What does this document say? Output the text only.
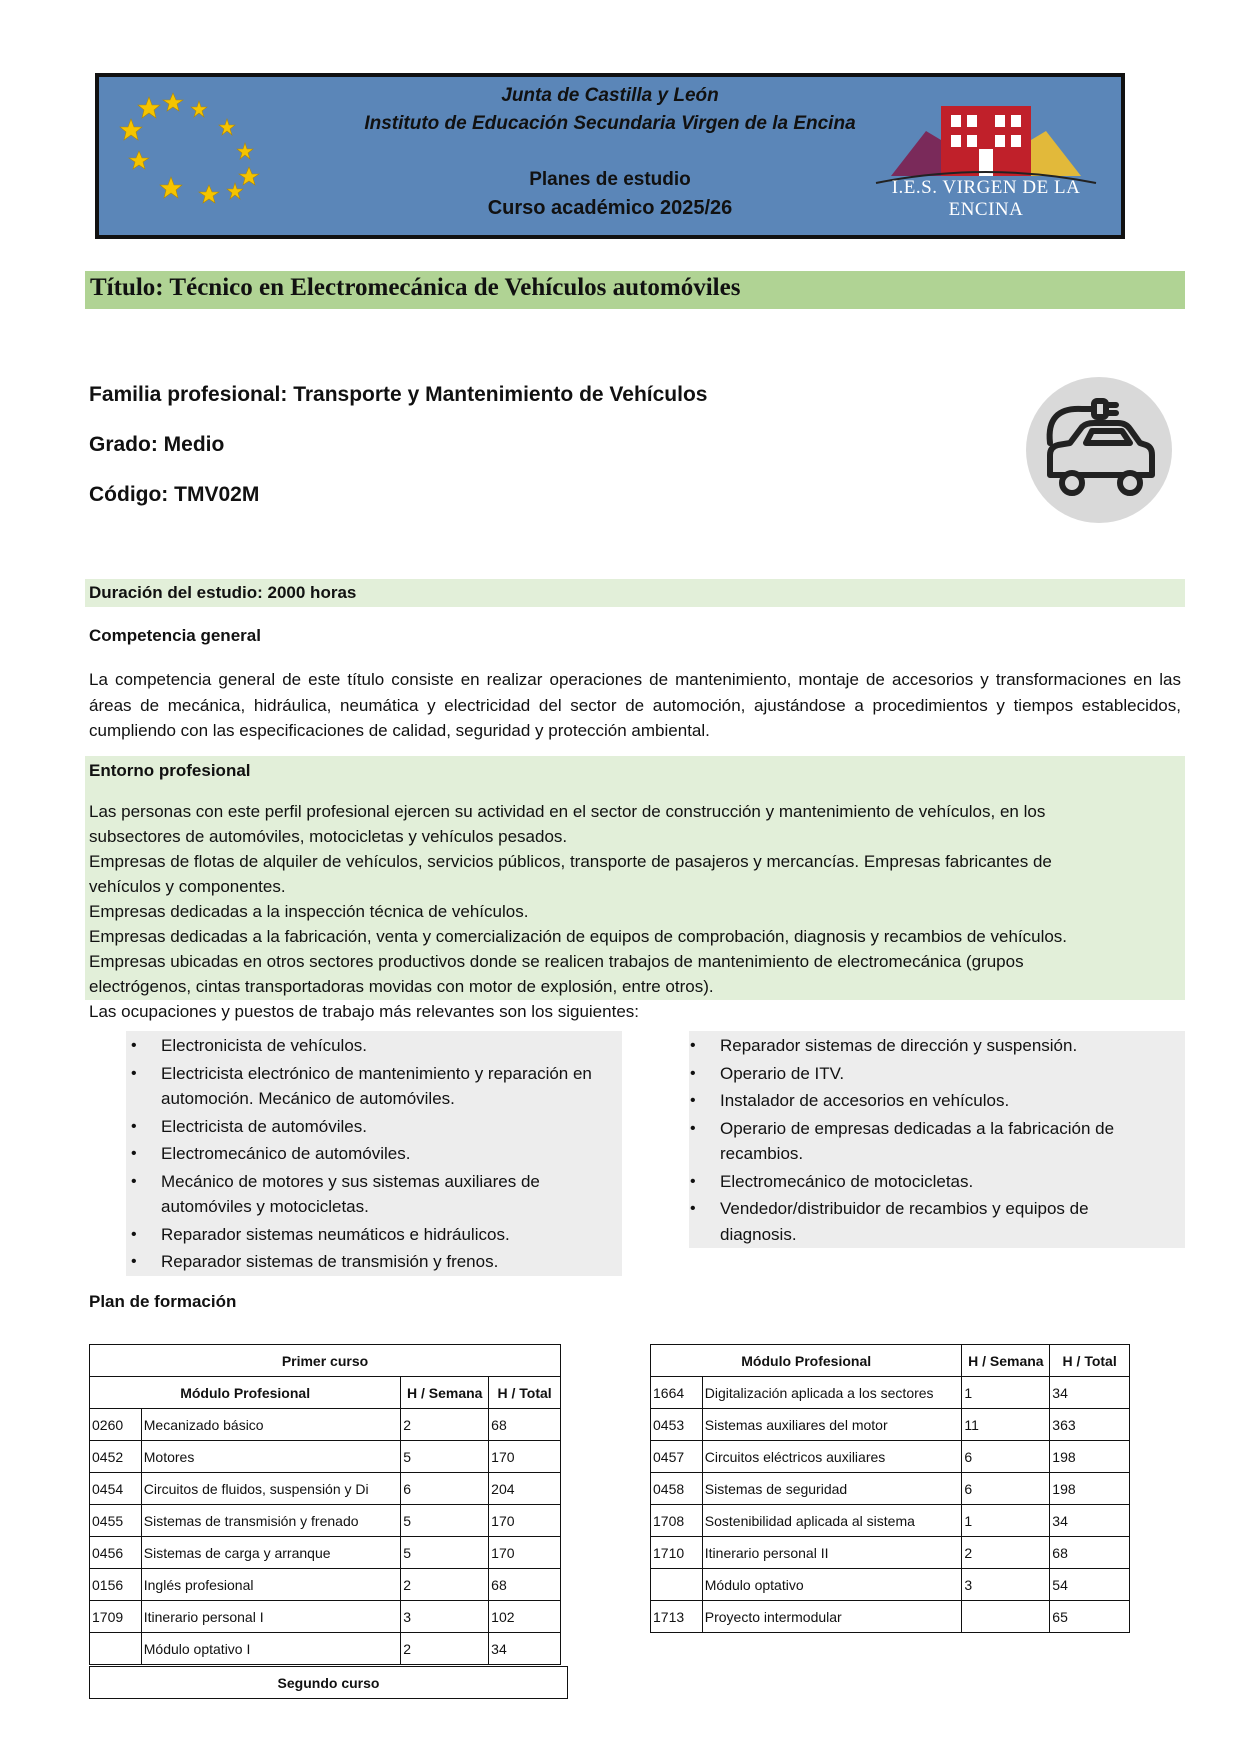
Junta de Castilla y León
Instituto de Educación Secundaria Virgen de la Encina
Planes de estudio
Curso académico 2025/26
I.E.S. VIRGEN DE LA ENCINA
Título: Técnico en Electromecánica de Vehículos automóviles
Familia profesional: Transporte y Mantenimiento de Vehículos
Grado: Medio
Código: TMV02M
Duración del estudio: 2000 horas
Competencia general
La competencia general de este título consiste en realizar operaciones de mantenimiento, montaje de accesorios y transformaciones en las áreas de mecánica, hidráulica, neumática y electricidad del sector de automoción, ajustándose a procedimientos y tiempos establecidos, cumpliendo con las especificaciones de calidad, seguridad y protección ambiental.
Entorno profesional
Las personas con este perfil profesional ejercen su actividad en el sector de construcción y mantenimiento de vehículos, en los
subsectores de automóviles, motocicletas y vehículos pesados.
Empresas de flotas de alquiler de vehículos, servicios públicos, transporte de pasajeros y mercancías. Empresas fabricantes de
vehículos y componentes.
Empresas dedicadas a la inspección técnica de vehículos.
Empresas dedicadas a la fabricación, venta y comercialización de equipos de comprobación, diagnosis y recambios de vehículos.
Empresas ubicadas en otros sectores productivos donde se realicen trabajos de mantenimiento de electromecánica (grupos
electrógenos, cintas transportadoras movidas con motor de explosión, entre otros).
Las ocupaciones y puestos de trabajo más relevantes son los siguientes:
• Electronicista de vehículos.
• Electricista electrónico de mantenimiento y reparación en automoción. Mecánico de automóviles.
• Electricista de automóviles.
• Electromecánico de automóviles.
• Mecánico de motores y sus sistemas auxiliares de automóviles y motocicletas.
• Reparador sistemas neumáticos e hidráulicos.
• Reparador sistemas de transmisión y frenos.
• Reparador sistemas de dirección y suspensión.
• Operario de ITV.
• Instalador de accesorios en vehículos.
• Operario de empresas dedicadas a la fabricación de recambios.
• Electromecánico de motocicletas.
• Vendedor/distribuidor de recambios y equipos de diagnosis.
Plan de formación
Primer curso			
Módulo Profesional		H / Semana	H / Total
0260	Mecanizado básico	2	68
0452	Motores	5	170
0454	Circuitos de fluidos, suspensión y Di	6	204
0455	Sistemas de transmisión y frenado	5	170
0456	Sistemas de carga y arranque	5	170
0156	Inglés profesional	2	68
1709	Itinerario personal I	3	102
	Módulo optativo I	2	34
Segundo curso
Módulo Profesional		H / Semana	H / Total
1664	Digitalización aplicada a los sectores	1	34
0453	Sistemas auxiliares del motor	11	363
0457	Circuitos eléctricos auxiliares	6	198
0458	Sistemas de seguridad	6	198
1708	Sostenibilidad aplicada al sistema	1	34
1710	Itinerario personal II	2	68
	Módulo optativo	3	54
1713	Proyecto intermodular		65
